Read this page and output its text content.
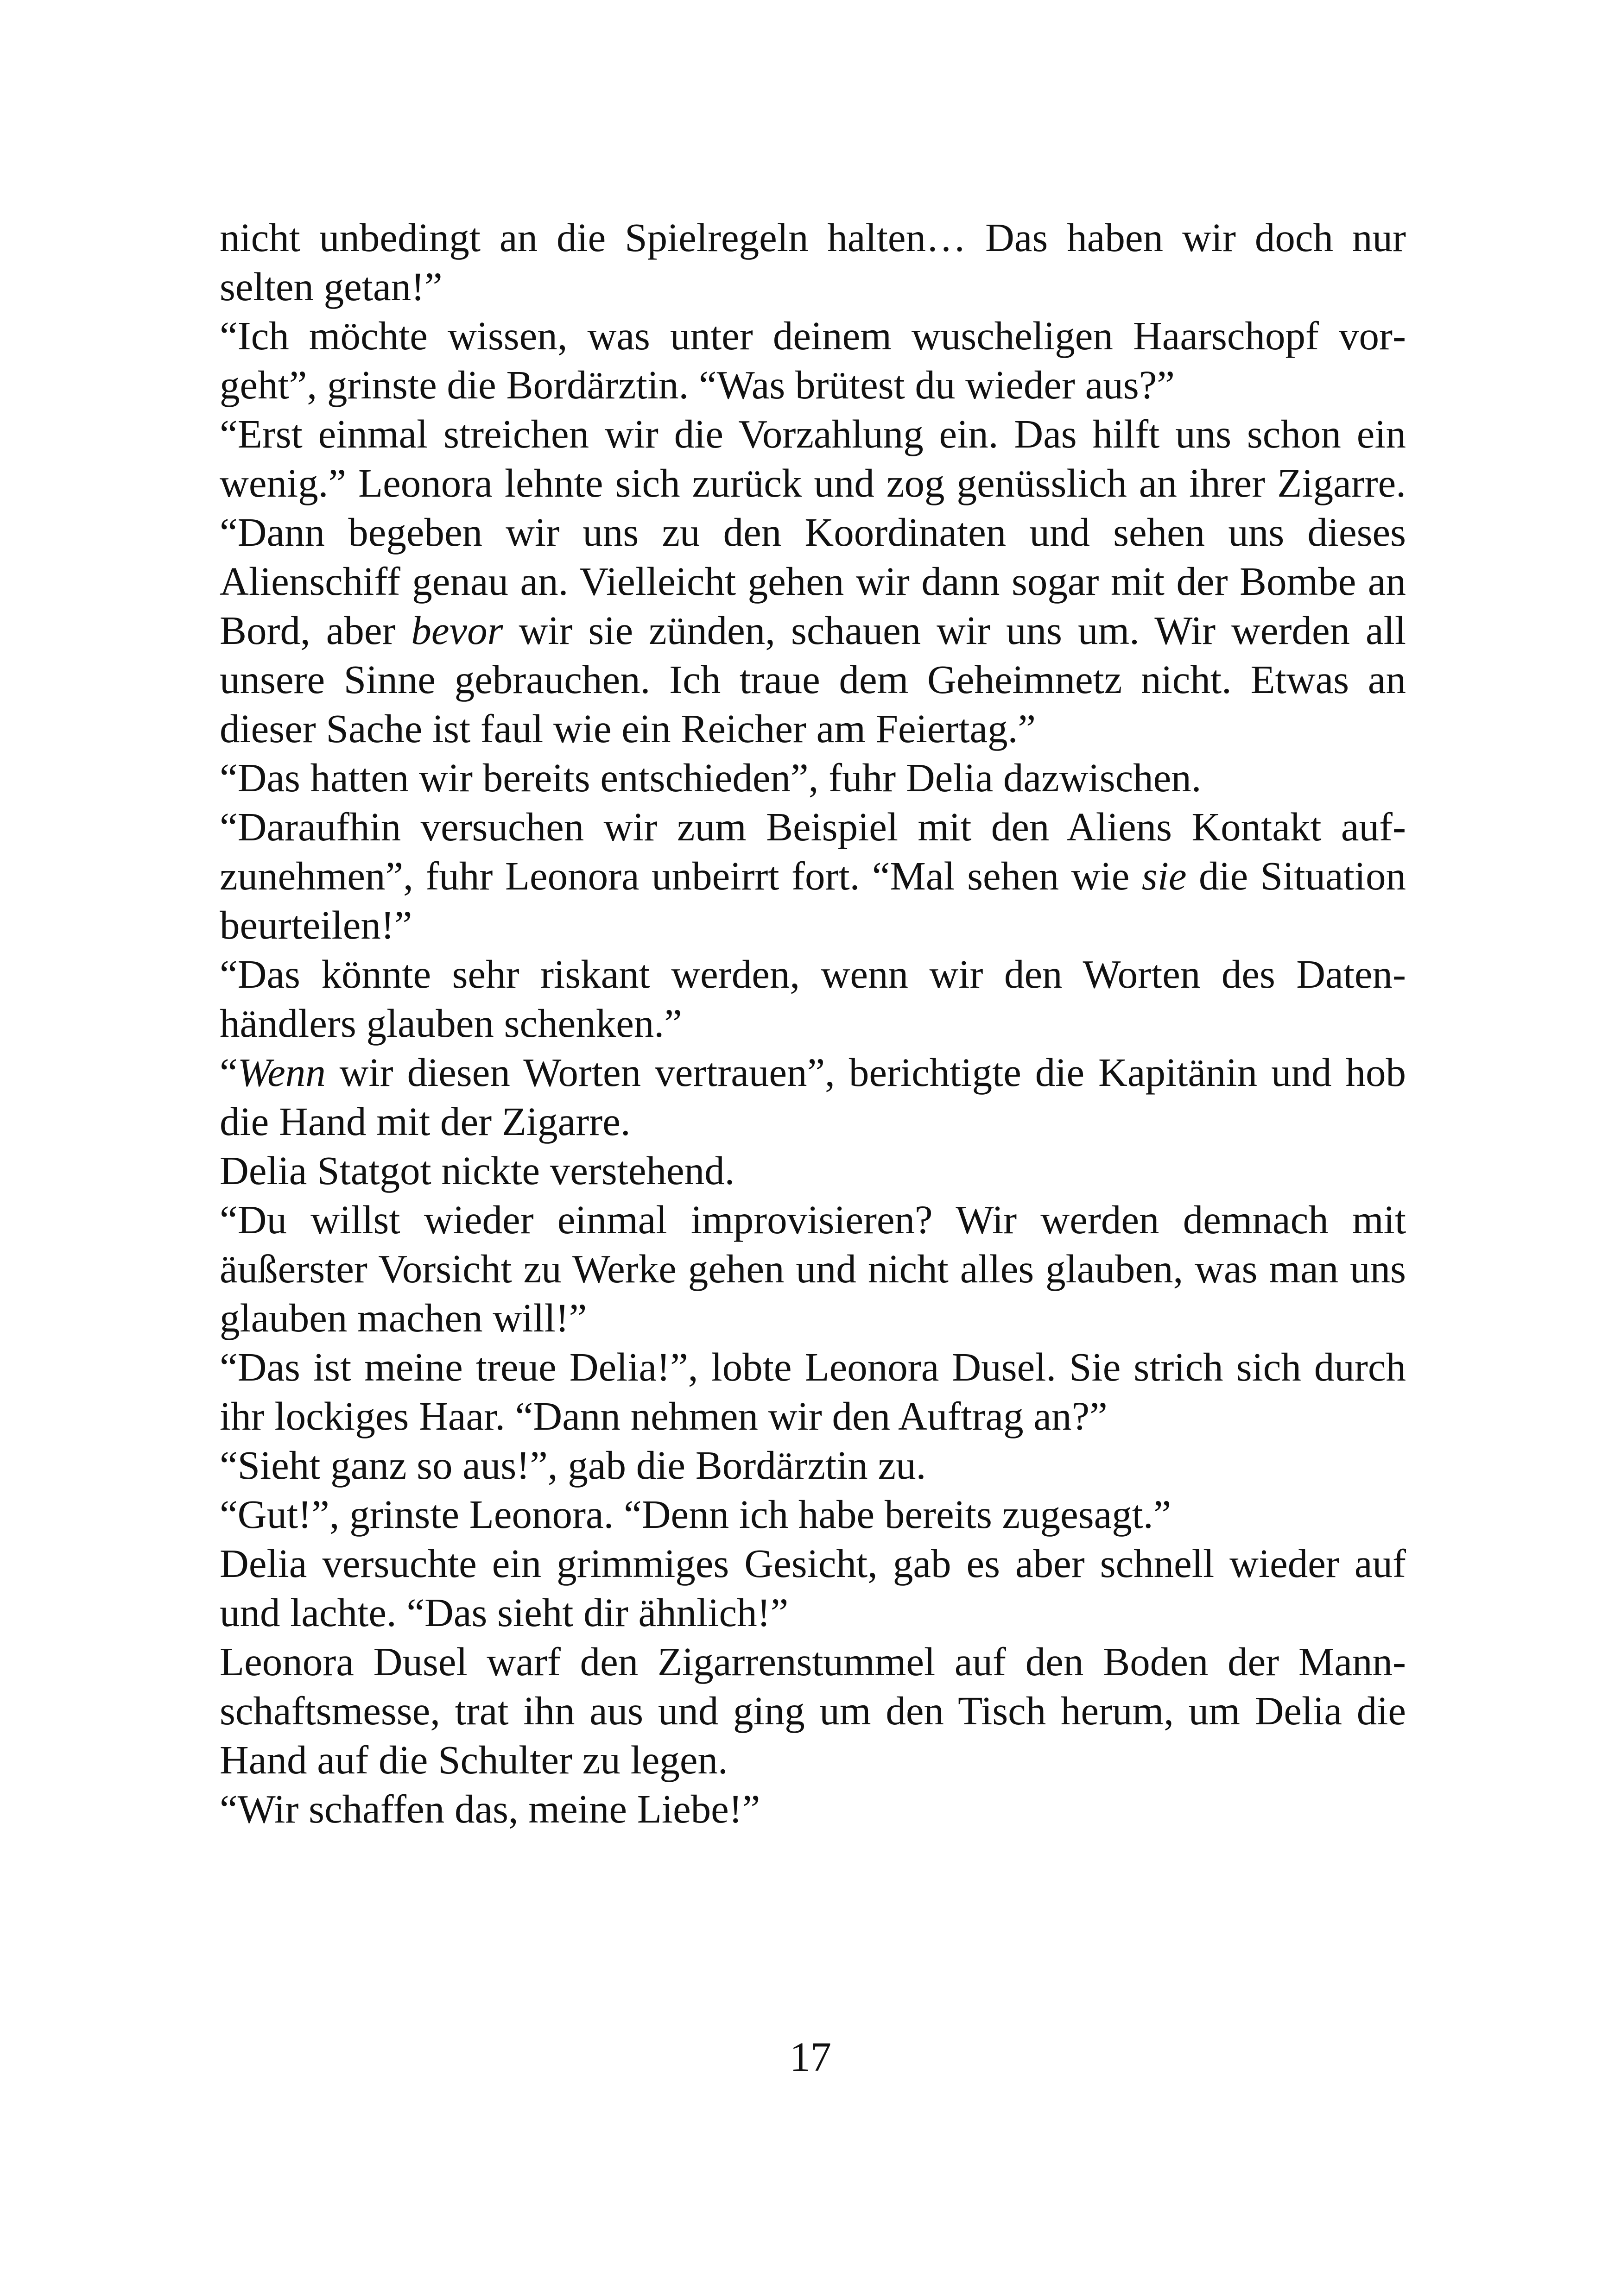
nicht unbedingt an die Spielregeln halten… Das haben wir doch nur selten getan!”

“Ich möchte wissen, was unter deinem wuscheligen Haarschopf vorgeht”, grinste die Bordärztin. “Was brütest du wieder aus?”

“Erst einmal streichen wir die Vorzahlung ein. Das hilft uns schon ein wenig.” Leonora lehnte sich zurück und zog genüsslich an ihrer Zigarre. “Dann begeben wir uns zu den Koordinaten und sehen uns dieses Alienschiff genau an. Vielleicht gehen wir dann sogar mit der Bombe an Bord, aber bevor wir sie zünden, schauen wir uns um. Wir werden all unsere Sinne gebrauchen. Ich traue dem Geheimnetz nicht. Etwas an dieser Sache ist faul wie ein Reicher am Feiertag.”

“Das hatten wir bereits entschieden”, fuhr Delia dazwischen.

“Daraufhin versuchen wir zum Beispiel mit den Aliens Kontakt aufzunehmen”, fuhr Leonora unbeirrt fort. “Mal sehen wie sie die Situation beurteilen!”

“Das könnte sehr riskant werden, wenn wir den Worten des Datenhändlers glauben schenken.”

“Wenn wir diesen Worten vertrauen”, berichtigte die Kapitänin und hob die Hand mit der Zigarre.

Delia Statgot nickte verstehend.

“Du willst wieder einmal improvisieren? Wir werden demnach mit äußerster Vorsicht zu Werke gehen und nicht alles glauben, was man uns glauben machen will!”

“Das ist meine treue Delia!”, lobte Leonora Dusel. Sie strich sich durch ihr lockiges Haar. “Dann nehmen wir den Auftrag an?”

“Sieht ganz so aus!”, gab die Bordärztin zu.

“Gut!”, grinste Leonora. “Denn ich habe bereits zugesagt.”

Delia versuchte ein grimmiges Gesicht, gab es aber schnell wieder auf und lachte. “Das sieht dir ähnlich!”

Leonora Dusel warf den Zigarrenstummel auf den Boden der Mannschaftsmesse, trat ihn aus und ging um den Tisch herum, um Delia die Hand auf die Schulter zu legen.

“Wir schaffen das, meine Liebe!”

17
